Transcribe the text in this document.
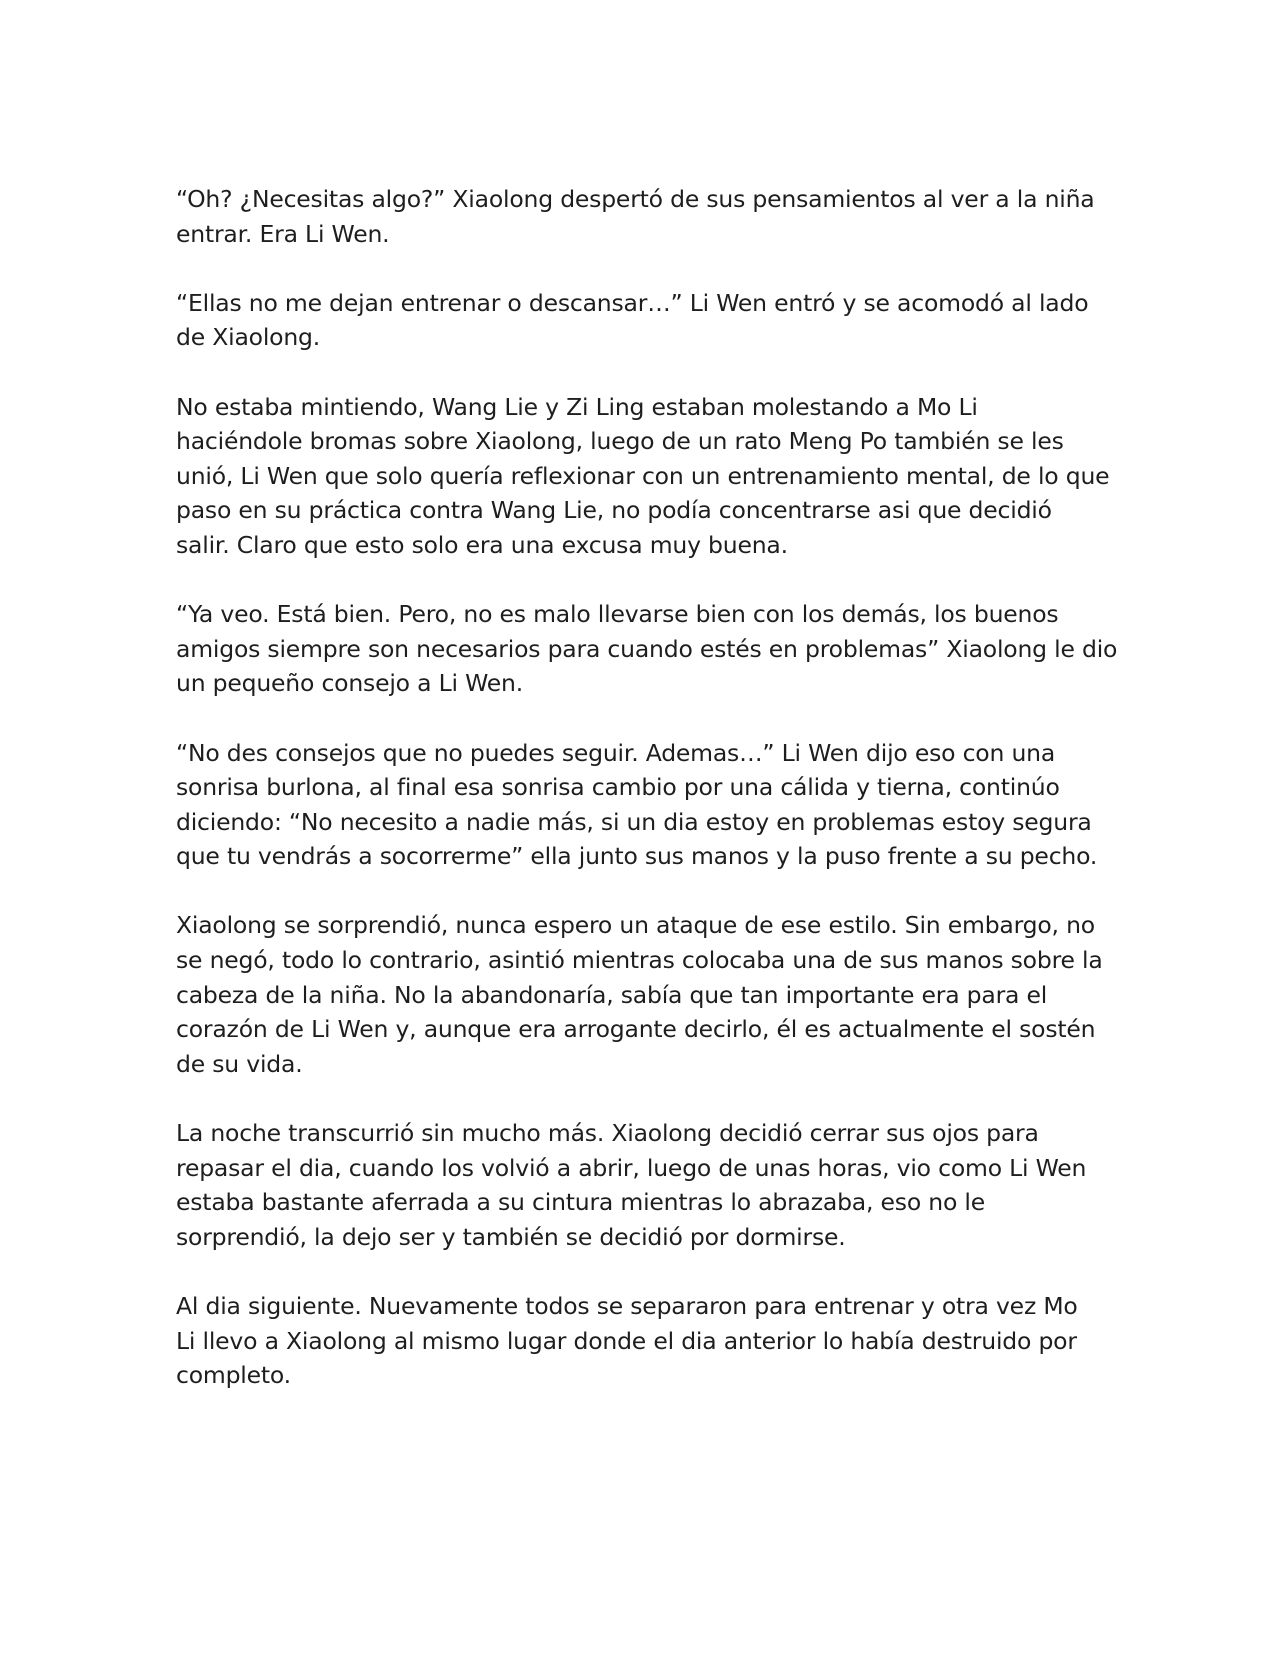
“Oh? ¿Necesitas algo?” Xiaolong despertó de sus pensamientos al ver a la niña
entrar. Era Li Wen.

“Ellas no me dejan entrenar o descansar…” Li Wen entró y se acomodó al lado
de Xiaolong.

No estaba mintiendo, Wang Lie y Zi Ling estaban molestando a Mo Li
haciéndole bromas sobre Xiaolong, luego de un rato Meng Po también se les
unió, Li Wen que solo quería reflexionar con un entrenamiento mental, de lo que
paso en su práctica contra Wang Lie, no podía concentrarse asi que decidió
salir. Claro que esto solo era una excusa muy buena.

“Ya veo. Está bien. Pero, no es malo llevarse bien con los demás, los buenos
amigos siempre son necesarios para cuando estés en problemas” Xiaolong le dio
un pequeño consejo a Li Wen.

“No des consejos que no puedes seguir. Ademas…” Li Wen dijo eso con una
sonrisa burlona, al final esa sonrisa cambio por una cálida y tierna, continúo
diciendo: “No necesito a nadie más, si un dia estoy en problemas estoy segura
que tu vendrás a socorrerme” ella junto sus manos y la puso frente a su pecho.

Xiaolong se sorprendió, nunca espero un ataque de ese estilo. Sin embargo, no
se negó, todo lo contrario, asintió mientras colocaba una de sus manos sobre la
cabeza de la niña. No la abandonaría, sabía que tan importante era para el
corazón de Li Wen y, aunque era arrogante decirlo, él es actualmente el sostén
de su vida.

La noche transcurrió sin mucho más. Xiaolong decidió cerrar sus ojos para
repasar el dia, cuando los volvió a abrir, luego de unas horas, vio como Li Wen
estaba bastante aferrada a su cintura mientras lo abrazaba, eso no le
sorprendió, la dejo ser y también se decidió por dormirse.

Al dia siguiente. Nuevamente todos se separaron para entrenar y otra vez Mo
Li llevo a Xiaolong al mismo lugar donde el dia anterior lo había destruido por
completo.
